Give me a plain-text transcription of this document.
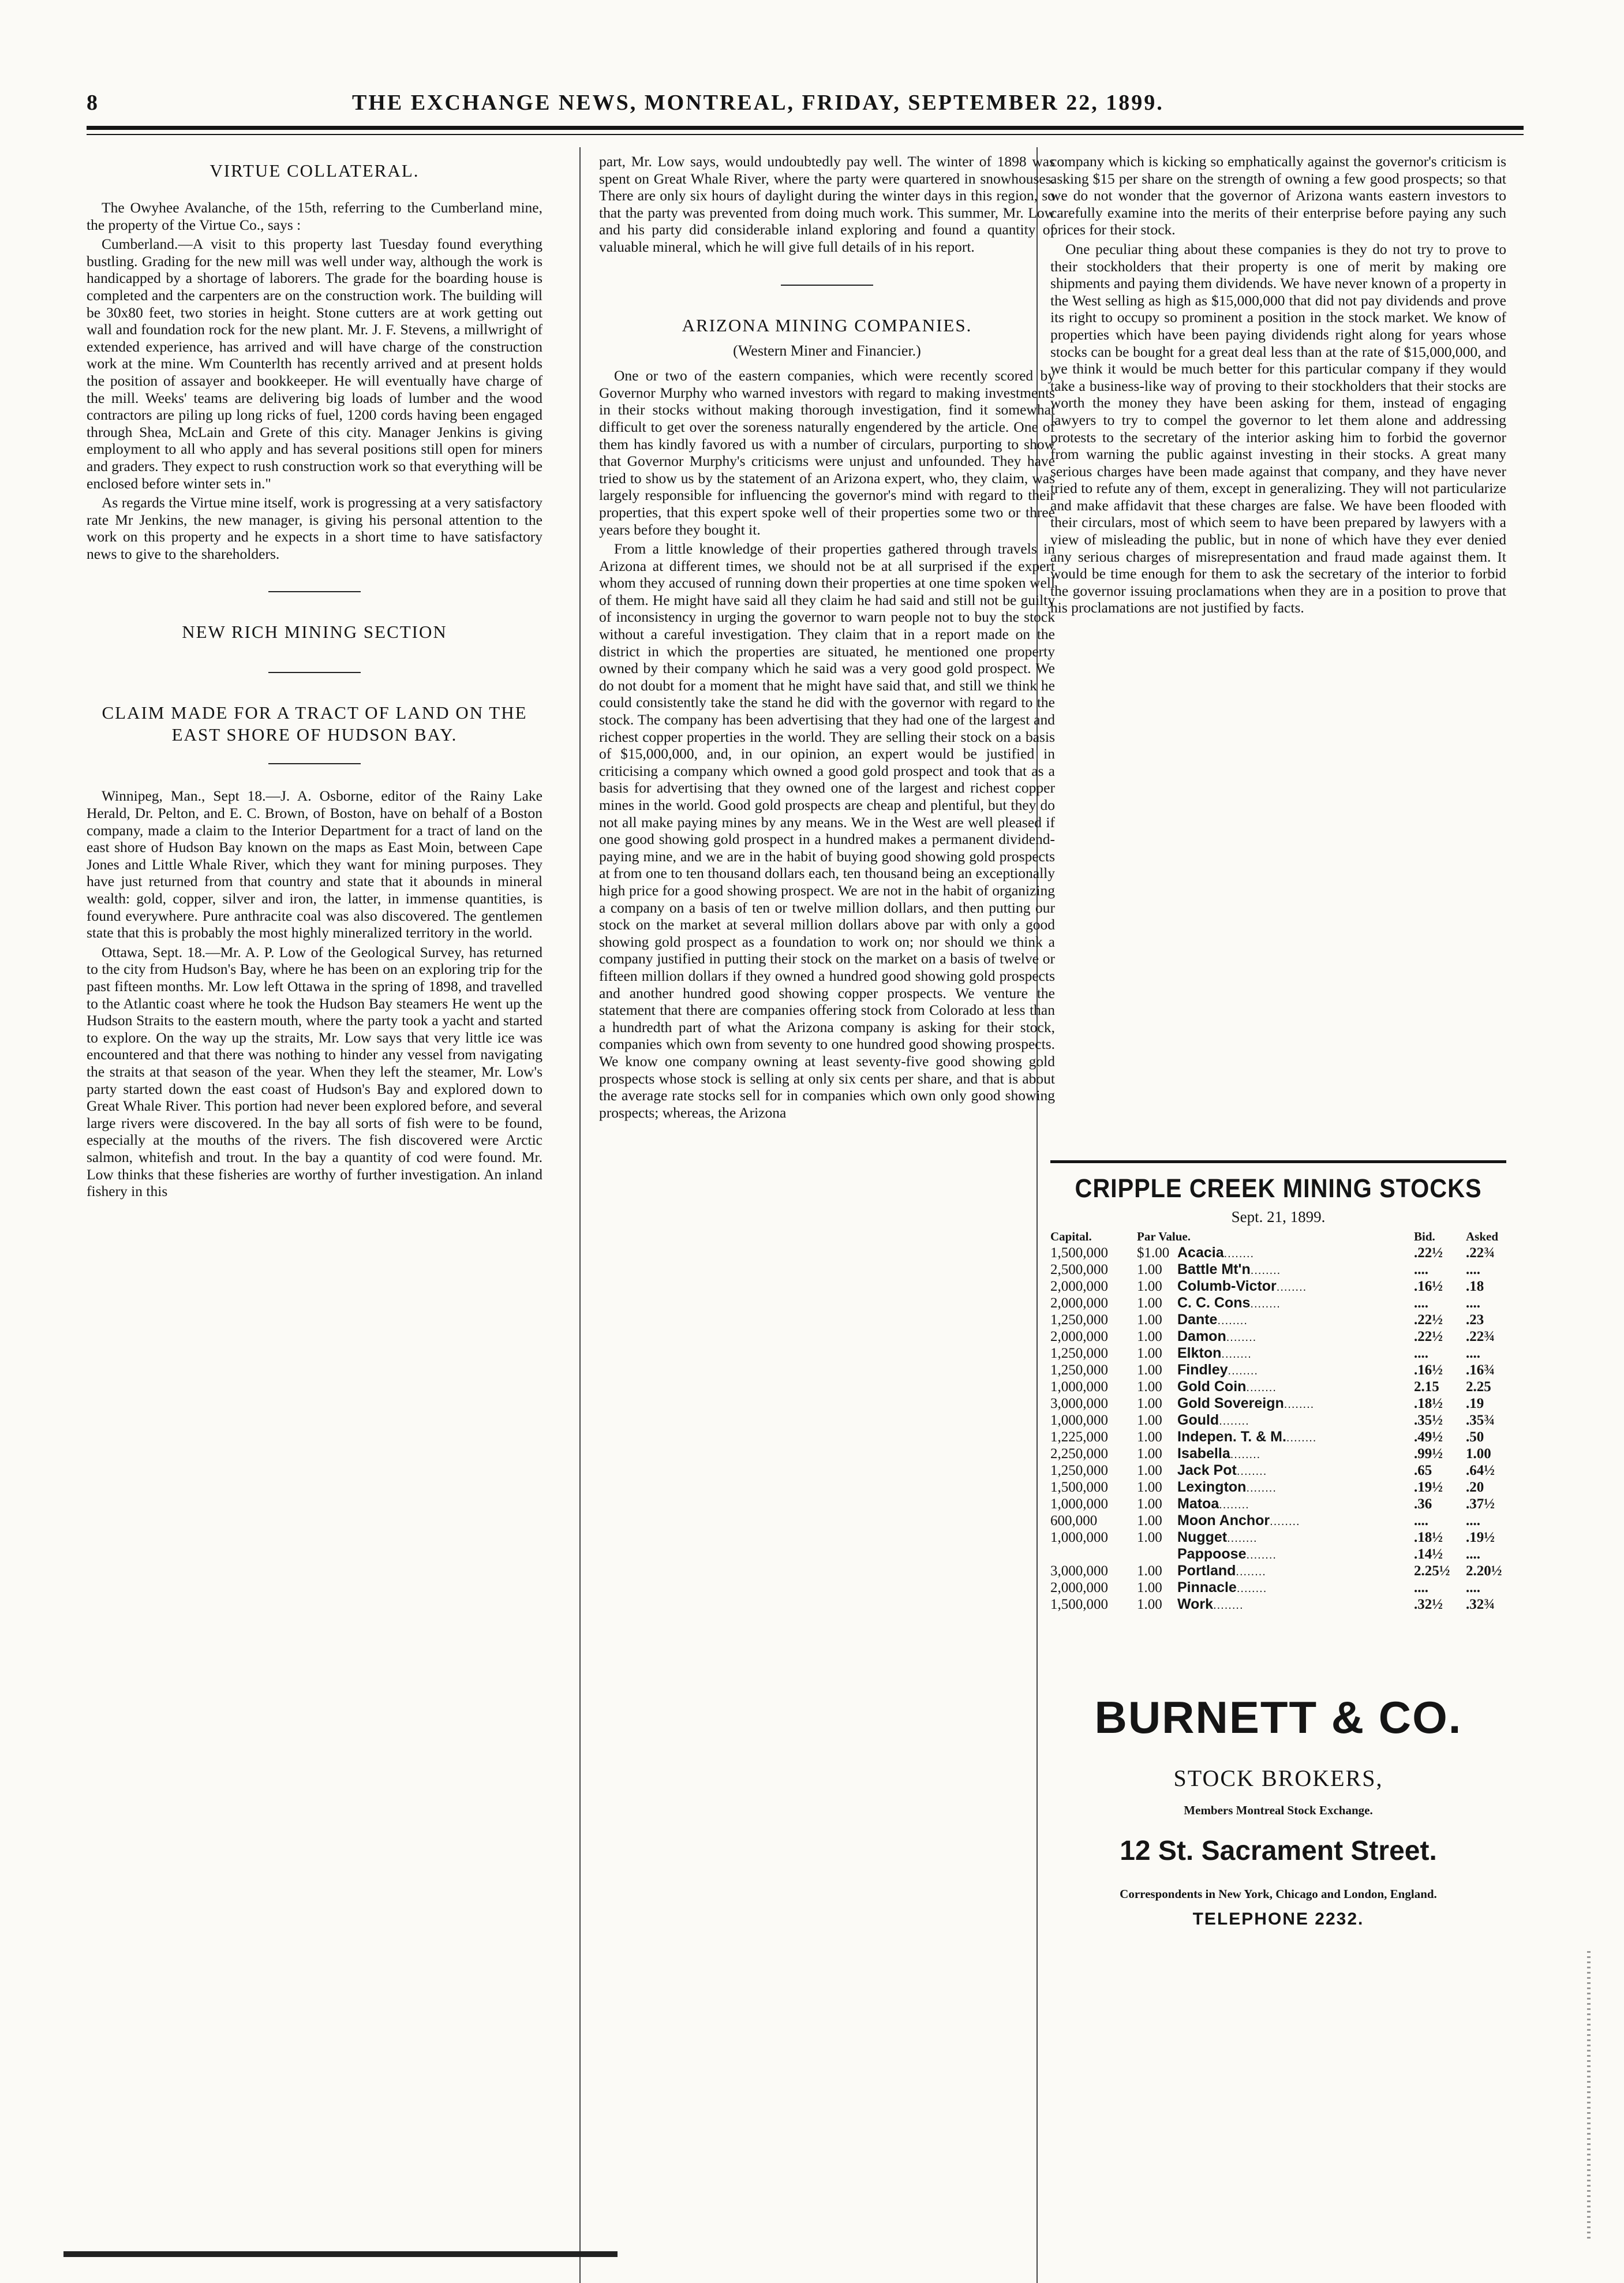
8	THE EXCHANGE NEWS, MONTREAL, FRIDAY, SEPTEMBER 22, 1899.
VIRTUE COLLATERAL.

The Owyhee Avalanche, of the 15th, referring to the Cumberland mine, the property of the Virtue Co., says :

Cumberland.—A visit to this property last Tuesday found everything bustling. Grading for the new mill was well under way, although the work is handicapped by a shortage of laborers. The grade for the boarding house is completed and the carpenters are on the construction work. The building will be 30x80 feet, two stories in height. Stone cutters are at work getting out wall and foundation rock for the new plant. Mr. J. F. Stevens, a millwright of extended experience, has arrived and will have charge of the construction work at the mine. Wm Counterlth has recently arrived and at present holds the position of assayer and bookkeeper. He will eventually have charge of the mill. Weeks' teams are delivering big loads of lumber and the wood contractors are piling up long ricks of fuel, 1200 cords having been engaged through Shea, McLain and Grete of this city. Manager Jenkins is giving employment to all who apply and has several positions still open for miners and graders. They expect to rush construction work so that everything will be enclosed before winter sets in."

As regards the Virtue mine itself, work is progressing at a very satisfactory rate Mr Jenkins, the new manager, is giving his personal attention to the work on this property and he expects in a short time to have satisfactory news to give to the shareholders.

NEW RICH MINING SECTION
CLAIM MADE FOR A TRACT OF LAND ON THE EAST SHORE OF HUDSON BAY.

Winnipeg, Man., Sept 18.—J. A. Osborne, editor of the Rainy Lake Herald, Dr. Pelton, and E. C. Brown, of Boston, have on behalf of a Boston company, made a claim to the Interior Department for a tract of land on the east shore of Hudson Bay known on the maps as East Moin, between Cape Jones and Little Whale River, which they want for mining purposes. They have just returned from that country and state that it abounds in mineral wealth: gold, copper, silver and iron, the latter, in immense quantities, is found everywhere. Pure anthracite coal was also discovered. The gentlemen state that this is probably the most highly mineralized territory in the world.

Ottawa, Sept. 18.—Mr. A. P. Low of the Geological Survey, has returned to the city from Hudson's Bay, where he has been on an exploring trip for the past fifteen months. Mr. Low left Ottawa in the spring of 1898, and travelled to the Atlantic coast where he took the Hudson Bay steamers He went up the Hudson Straits to the eastern mouth, where the party took a yacht and started to explore. On the way up the straits, Mr. Low says that very little ice was encountered and that there was nothing to hinder any vessel from navigating the straits at that season of the year. When they left the steamer, Mr. Low's party started down the east coast of Hudson's Bay and explored down to Great Whale River. This portion had never been explored before, and several large rivers were discovered. In the bay all sorts of fish were to be found, especially at the mouths of the rivers. The fish discovered were Arctic salmon, whitefish and trout. In the bay a quantity of cod were found. Mr. Low thinks that these fisheries are worthy of further investigation. An inland fishery in this

part, Mr. Low says, would undoubtedly pay well. The winter of 1898 was spent on Great Whale River, where the party were quartered in snowhouses. There are only six hours of daylight during the winter days in this region, so that the party was prevented from doing much work. This summer, Mr. Low and his party did considerable inland exploring and found a quantity of valuable mineral, which he will give full details of in his report.

ARIZONA MINING COMPANIES.
(Western Miner and Financier.)

One or two of the eastern companies, which were recently scored by Governor Murphy who warned investors with regard to making investments in their stocks without making thorough investigation, find it somewhat difficult to get over the soreness naturally engendered by the article. One of them has kindly favored us with a number of circulars, purporting to show that Governor Murphy's criticisms were unjust and unfounded. They have tried to show us by the statement of an Arizona expert, who, they claim, was largely responsible for influencing the governor's mind with regard to their properties, that this expert spoke well of their properties some two or three years before they bought it.

From a little knowledge of their properties gathered through travels in Arizona at different times, we should not be at all surprised if the expert whom they accused of running down their properties at one time spoken well of them. He might have said all they claim he had said and still not be guilty of inconsistency in urging the governor to warn people not to buy the stock without a careful investigation. They claim that in a report made on the district in which the properties are situated, he mentioned one property owned by their company which he said was a very good gold prospect. We do not doubt for a moment that he might have said that, and still we think he could consistently take the stand he did with the governor with regard to the stock. The company has been advertising that they had one of the largest and richest copper properties in the world. They are selling their stock on a basis of $15,000,000, and, in our opinion, an expert would be justified in criticising a company which owned a good gold prospect and took that as a basis for advertising that they owned one of the largest and richest copper mines in the world. Good gold prospects are cheap and plentiful, but they do not all make paying mines by any means. We in the West are well pleased if one good showing gold prospect in a hundred makes a permanent dividend-paying mine, and we are in the habit of buying good showing gold prospects at from one to ten thousand dollars each, ten thousand being an exceptionally high price for a good showing prospect. We are not in the habit of organizing a company on a basis of ten or twelve million dollars, and then putting our stock on the market at several million dollars above par with only a good showing gold prospect as a foundation to work on; nor should we think a company justified in putting their stock on the market on a basis of twelve or fifteen million dollars if they owned a hundred good showing gold prospects and another hundred good showing copper prospects. We venture the statement that there are companies offering stock from Colorado at less than a hundredth part of what the Arizona company is asking for their stock, companies which own from seventy to one hundred good showing prospects. We know one company owning at least seventy-five good showing gold prospects whose stock is selling at only six cents per share, and that is about the average rate stocks sell for in companies which own only good showing prospects; whereas, the Arizona

company which is kicking so emphatically against the governor's criticism is asking $15 per share on the strength of owning a few good prospects; so that we do not wonder that the governor of Arizona wants eastern investors to carefully examine into the merits of their enterprise before paying any such prices for their stock.

One peculiar thing about these companies is they do not try to prove to their stockholders that their property is one of merit by making ore shipments and paying them dividends. We have never known of a property in the West selling as high as $15,000,000 that did not pay dividends and prove its right to occupy so prominent a position in the stock market. We know of properties which have been paying dividends right along for years whose stocks can be bought for a great deal less than at the rate of $15,000,000, and we think it would be much better for this particular company if they would take a business-like way of proving to their stockholders that their stocks are worth the money they have been asking for them, instead of engaging lawyers to try to compel the governor to let them alone and addressing protests to the secretary of the interior asking him to forbid the governor from warning the public against investing in their stocks. A great many serious charges have been made against that company, and they have never tried to refute any of them, except in generalizing. They will not particularize and make affidavit that these charges are false. We have been flooded with their circulars, most of which seem to have been prepared by lawyers with a view of misleading the public, but in none of which have they ever denied any serious charges of misrepresentation and fraud made against them. It would be time enough for them to ask the secretary of the interior to forbid the governor issuing proclamations when they are in a position to prove that his proclamations are not justified by facts.

CRIPPLE CREEK MINING STOCKS
Sept. 21, 1899.
Capital.	Par Value.		Bid.	Asked
1,500,000	$1.00	Acacia........	.22½	.22¾
2,500,000	1.00	Battle Mt'n........	....	....
2,000,000	1.00	Columb-Victor........	.16½	.18
2,000,000	1.00	C. C. Cons........	....	....
1,250,000	1.00	Dante........	.22½	.23
2,000,000	1.00	Damon........	.22½	.22¾
1,250,000	1.00	Elkton........	....	....
1,250,000	1.00	Findley........	.16½	.16¾
1,000,000	1.00	Gold Coin........	2.15	2.25
3,000,000	1.00	Gold Sovereign........	.18½	.19
1,000,000	1.00	Gould........	.35½	.35¾
1,225,000	1.00	Indepen. T. & M.........	.49½	.50
2,250,000	1.00	Isabella........	.99½	1.00
1,250,000	1.00	Jack Pot........	.65	.64½
1,500,000	1.00	Lexington........	.19½	.20
1,000,000	1.00	Matoa........	.36	.37½
600,000	1.00	Moon Anchor........	....	....
1,000,000	1.00	Nugget........	.18½	.19½
		Pappoose........	.14½	....
3,000,000	1.00	Portland........	2.25½	2.20½
2,000,000	1.00	Pinnacle........	....	....
1,500,000	1.00	Work........	.32½	.32¾
BURNETT & CO.
STOCK BROKERS,
Members Montreal Stock Exchange.
12 St. Sacrament Street.
Correspondents in New York, Chicago and London, England.
TELEPHONE 2232.
